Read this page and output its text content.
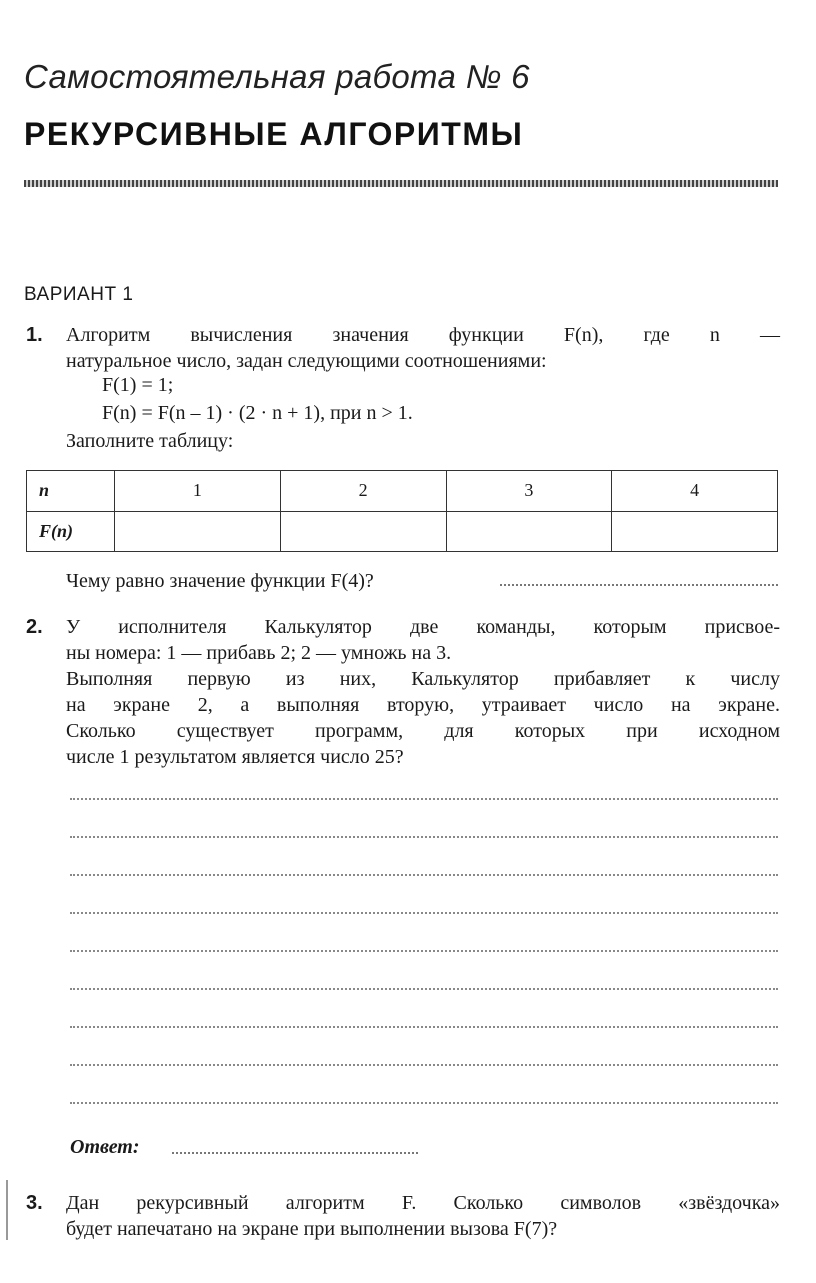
Самостоятельная работа № 6
РЕКУРСИВНЫЕ АЛГОРИТМЫ
ВАРИАНТ 1
1. Алгоритм вычисления значения функции F(n), где n —
натуральное число, задан следующими соотношениями:
F(1) = 1;
F(n) = F(n – 1) · (2 · n + 1), при n > 1.
Заполните таблицу:
n	1	2	3	4
F(n)				
Чему равно значение функции F(4)?
2. У исполнителя Калькулятор две команды, которым присвое-
ны номера: 1 — прибавь 2; 2 — умножь на 3.
Выполняя первую из них, Калькулятор прибавляет к числу
на экране 2, а выполняя вторую, утраивает число на экране.
Сколько существует программ, для которых при исходном
числе 1 результатом является число 25?
Ответ:
3. Дан рекурсивный алгоритм F. Сколько символов «звёздочка»
будет напечатано на экране при выполнении вызова F(7)?
